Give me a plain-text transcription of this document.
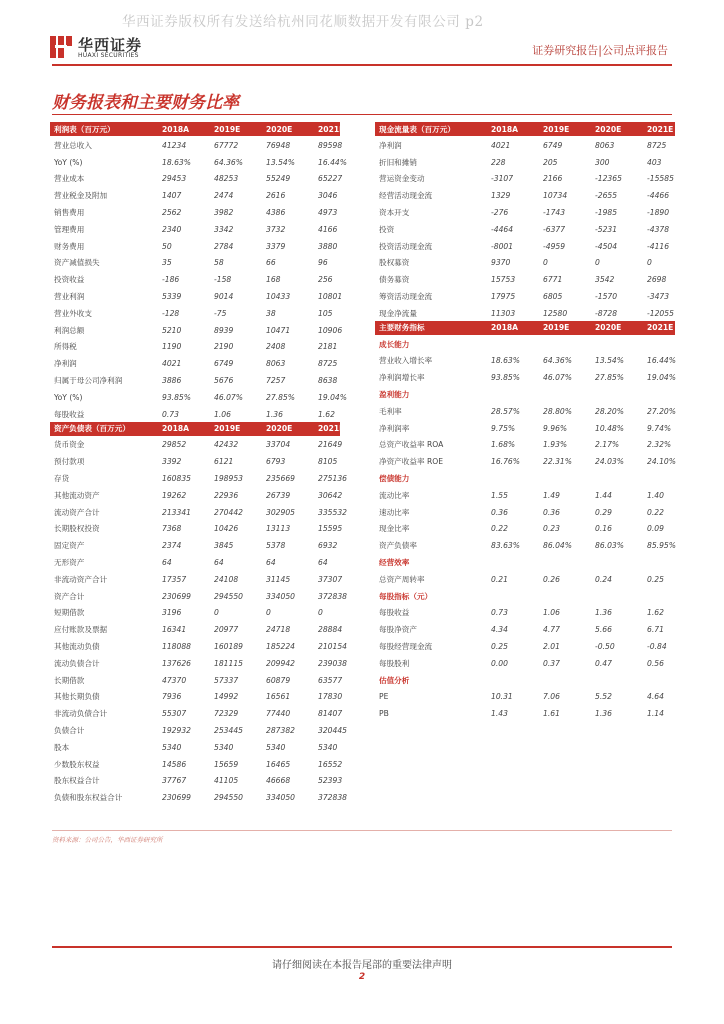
华西证券版权所有发送给杭州同花顺数据开发有限公司 p2
华西证券
HUAXI SECURITIES	证券研究报告|公司点评报告
财务报表和主要财务比率
利润表（百万元）	2018A	2019E	2020E	2021E	
营业总收入	41234	67772	76948	89598	
YoY (%)	18.63%	64.36%	13.54%	16.44%	
营业成本	29453	48253	55249	65227	
营业税金及附加	1407	2474	2616	3046	
销售费用	2562	3982	4386	4973	
管理费用	2340	3342	3732	4166	
财务费用	50	2784	3379	3880	
资产减值损失	35	58	66	96	
投资收益	-186	-158	168	256	
营业利润	5339	9014	10433	10801	
营业外收支	-128	-75	38	105	
利润总额	5210	8939	10471	10906	
所得税	1190	2190	2408	2181	
净利润	4021	6749	8063	8725	
归属于母公司净利润	3886	5676	7257	8638	
YoY (%)	93.85%	46.07%	27.85%	19.04%	
每股收益	0.73	1.06	1.36	1.62	
资产负债表（百万元）	2018A	2019E	2020E	2021E	
货币资金	29852	42432	33704	21649	
预付款项	3392	6121	6793	8105	
存货	160835	198953	235669	275136	
其他流动资产	19262	22936	26739	30642	
流动资产合计	213341	270442	302905	335532	
长期股权投资	7368	10426	13113	15595	
固定资产	2374	3845	5378	6932	
无形资产	64	64	64	64	
非流动资产合计	17357	24108	31145	37307	
资产合计	230699	294550	334050	372838	
短期借款	3196	0	0	0	
应付账款及票据	16341	20977	24718	28884	
其他流动负债	118088	160189	185224	210154	
流动负债合计	137626	181115	209942	239038	
长期借款	47370	57337	60879	63577	
其他长期负债	7936	14992	16561	17830	
非流动负债合计	55307	72329	77440	81407	
负债合计	192932	253445	287382	320445	
股本	5340	5340	5340	5340	
少数股东权益	14586	15659	16465	16552	
股东权益合计	37767	41105	46668	52393	
负债和股东权益合计	230699	294550	334050	372838	
现金流量表（百万元）	2018A	2019E	2020E	2021E	
净利润	4021	6749	8063	8725	
折旧和摊销	228	205	300	403	
营运资金变动	-3107	2166	-12365	-15585	
经营活动现金流	1329	10734	-2655	-4466	
资本开支	-276	-1743	-1985	-1890	
投资	-4464	-6377	-5231	-4378	
投资活动现金流	-8001	-4959	-4504	-4116	
股权募资	9370	0	0	0	
债务募资	15753	6771	3542	2698	
筹资活动现金流	17975	6805	-1570	-3473	
现金净流量	11303	12580	-8728	-12055	
主要财务指标	2018A	2019E	2020E	2021E	
成长能力					
营业收入增长率	18.63%	64.36%	13.54%	16.44%	
净利润增长率	93.85%	46.07%	27.85%	19.04%	
盈利能力					
毛利率	28.57%	28.80%	28.20%	27.20%	
净利润率	9.75%	9.96%	10.48%	9.74%	
总资产收益率 ROA	1.68%	1.93%	2.17%	2.32%	
净资产收益率 ROE	16.76%	22.31%	24.03%	24.10%	
偿债能力					
流动比率	1.55	1.49	1.44	1.40	
速动比率	0.36	0.36	0.29	0.22	
现金比率	0.22	0.23	0.16	0.09	
资产负债率	83.63%	86.04%	86.03%	85.95%	
经营效率					
总资产周转率	0.21	0.26	0.24	0.25	
每股指标（元）					
每股收益	0.73	1.06	1.36	1.62	
每股净资产	4.34	4.77	5.66	6.71	
每股经营现金流	0.25	2.01	-0.50	-0.84	
每股股利	0.00	0.37	0.47	0.56	
估值分析					
PE	10.31	7.06	5.52	4.64	
PB	1.43	1.61	1.36	1.14	
资料来源：公司公告，华西证券研究所
请仔细阅读在本报告尾部的重要法律声明
2
